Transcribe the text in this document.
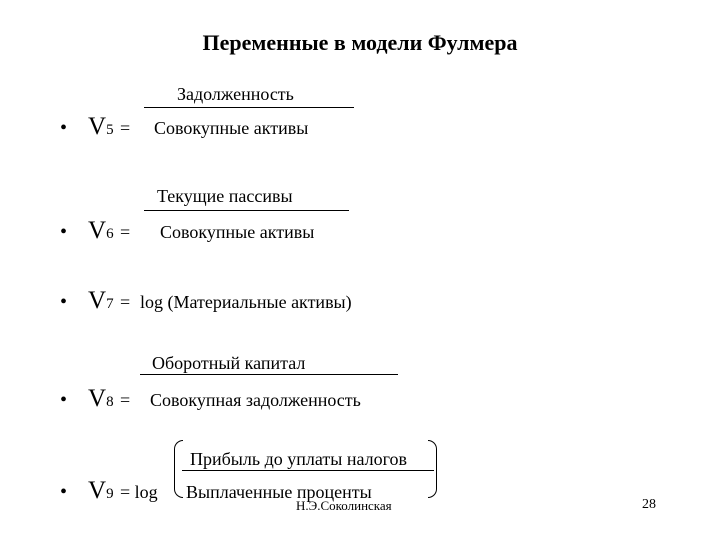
Переменные в модели Фулмера
Задолженность
• V5 = Совокупные активы
Текущие пассивы
• V6 = Совокупные активы
• V7 = log (Материальные активы)
Оборотный капитал
• V8 = Совокупная задолженность
Прибыль до уплаты налогов
• V9 = log Выплаченные проценты
Н.Э.Соколинская	28
